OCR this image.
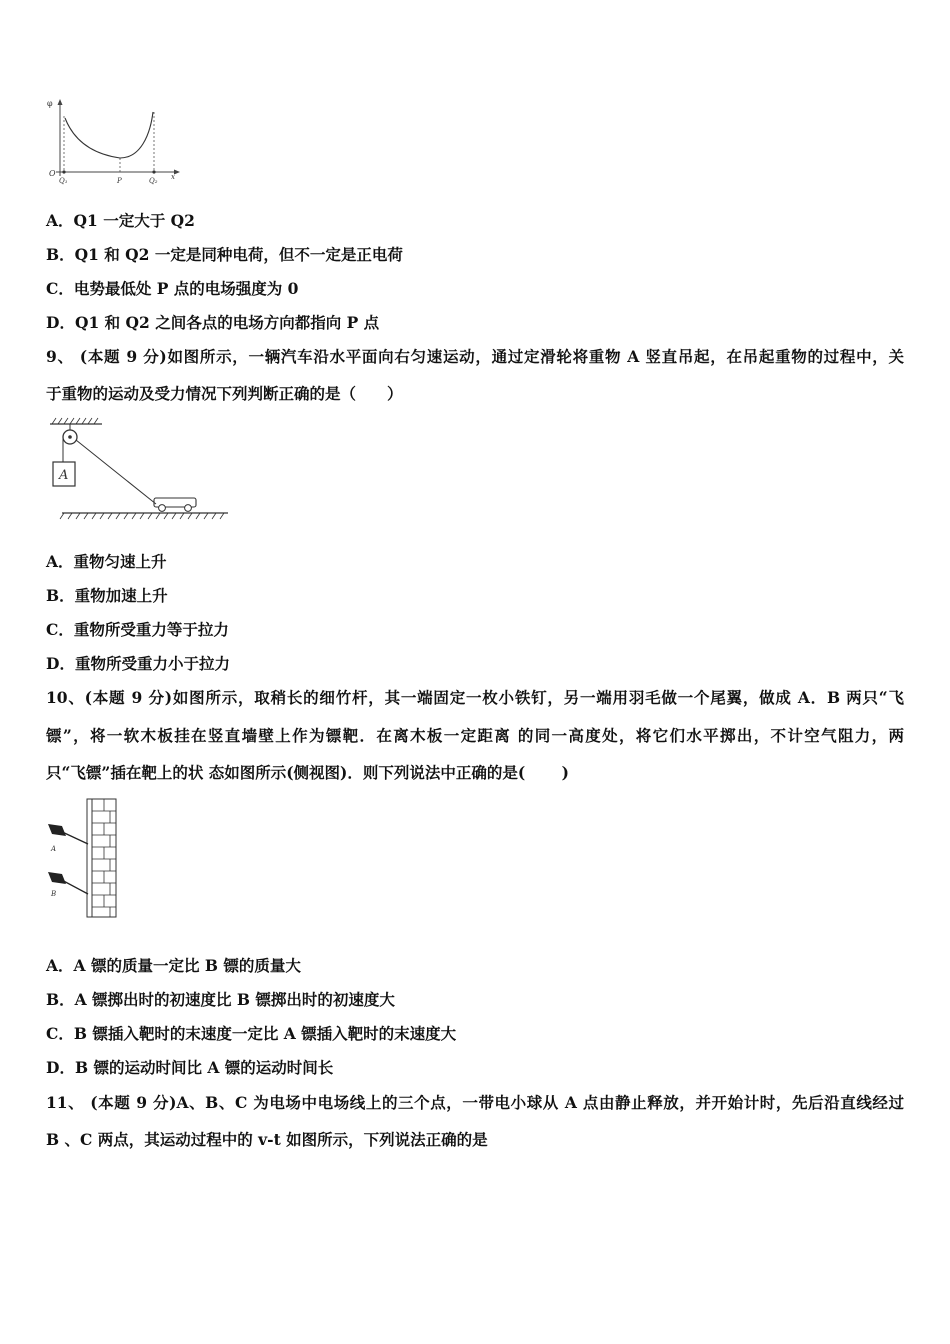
φ
O
Q₁	P	Q₂ x
A．Q1 一定大于 Q2
B．Q1 和 Q2 一定是同种电荷，但不一定是正电荷
C．电势最低处 P 点的电场强度为 0
D．Q1 和 Q2 之间各点的电场方向都指向 P 点
9、 (本题 9 分)如图所示，一辆汽车沿水平面向右匀速运动，通过定滑轮将重物 A 竖直吊起，在吊起重物的过程中，关
于重物的运动及受力情况下列判断正确的是（　　）
A
A．重物匀速上升
B．重物加速上升
C．重物所受重力等于拉力
D．重物所受重力小于拉力
10、(本题 9 分)如图所示，取稍长的细竹杆，其一端固定一枚小铁钉，另一端用羽毛做一个尾翼，做成 A．B 两只“飞
镖”，将一软木板挂在竖直墙壁上作为镖靶．在离木板一定距离 的同一高度处，将它们水平掷出，不计空气阻力，两
只“飞镖”插在靶上的状 态如图所示(侧视图)．则下列说法中正确的是(　　 )
A
B
A．A 镖的质量一定比 B 镖的质量大
B．A 镖掷出时的初速度比 B 镖掷出时的初速度大
C．B 镖插入靶时的末速度一定比 A 镖插入靶时的末速度大
D．B 镖的运动时间比 A 镖的运动时间长
11、 (本题 9 分)A、B、C 为电场中电场线上的三个点，一带电小球从 A 点由静止释放，并开始计时，先后沿直线经过
B 、C 两点，其运动过程中的 v-t 如图所示，下列说法正确的是
